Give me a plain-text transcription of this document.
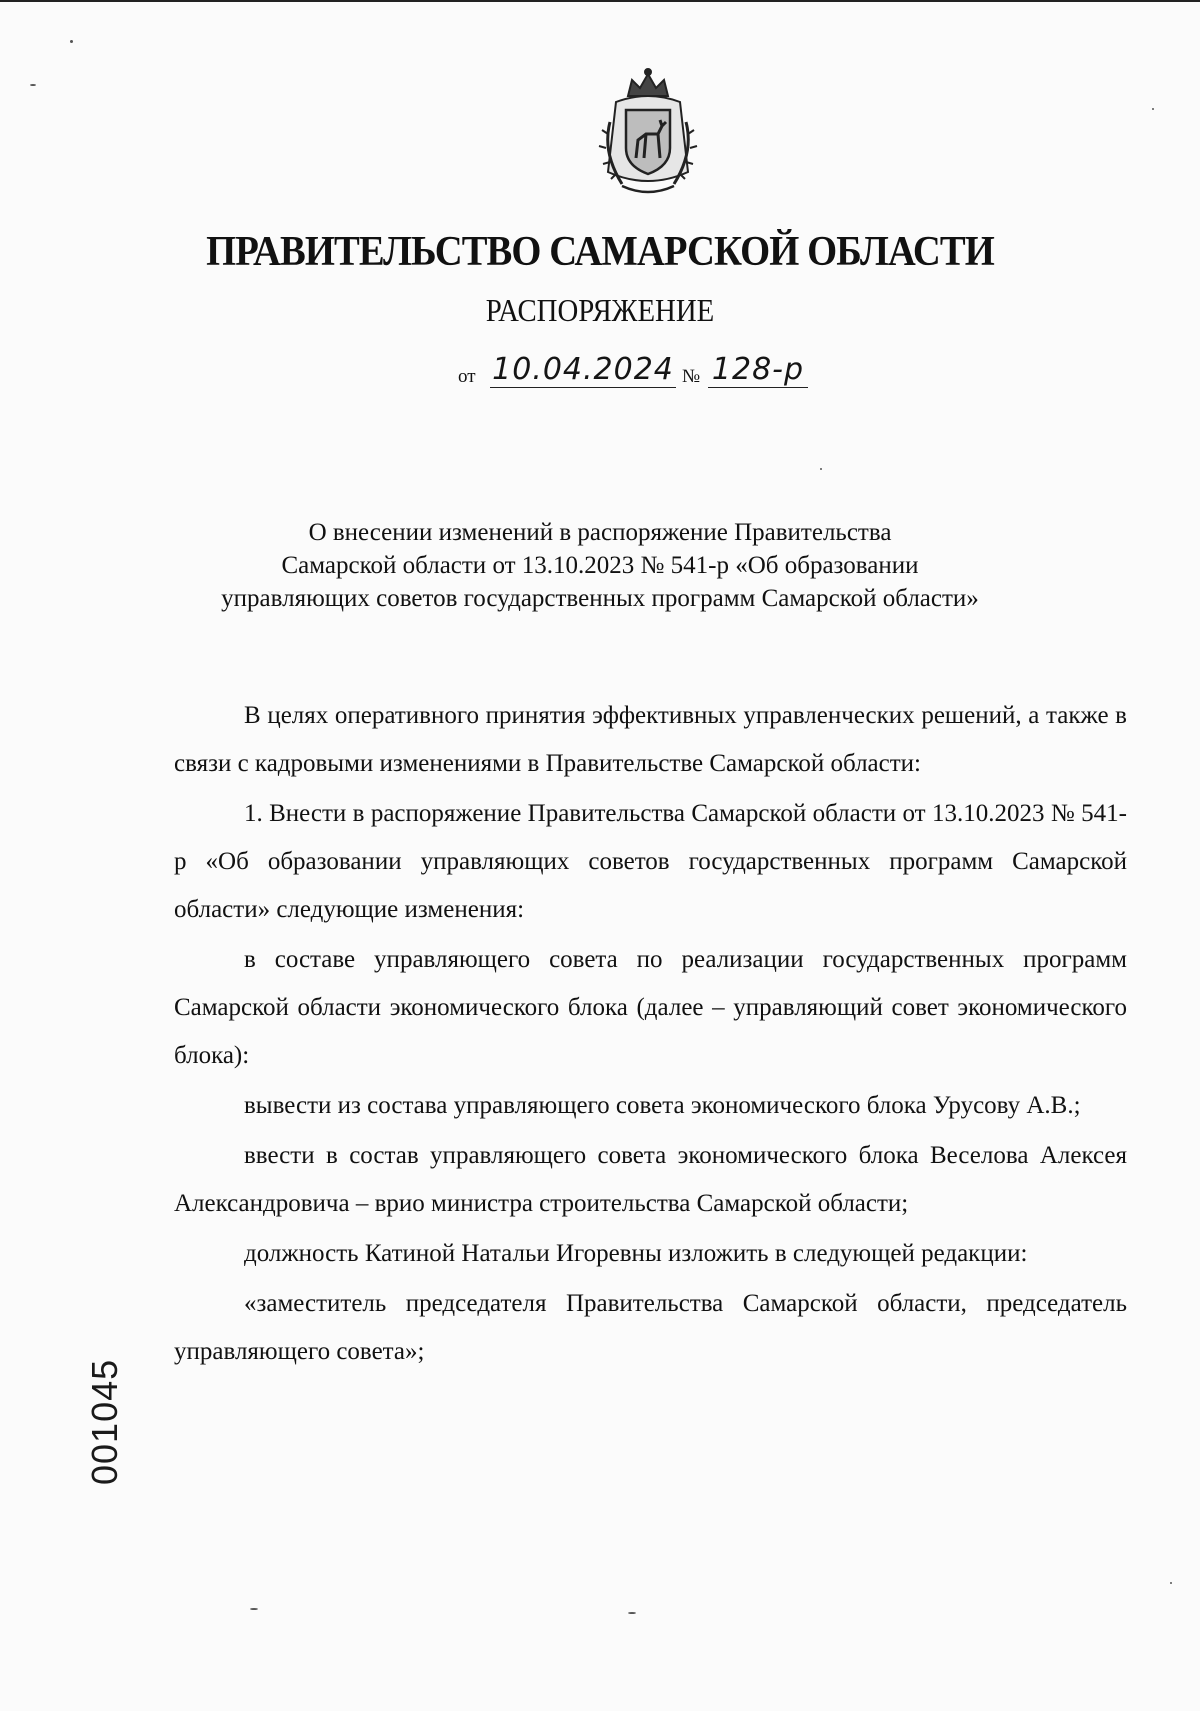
ПРАВИТЕЛЬСТВО САМАРСКОЙ ОБЛАСТИ
РАСПОРЯЖЕНИЕ
от 10.04.2024 № 128-р
О внесении изменений в распоряжение Правительства
Самарской области от 13.10.2023 № 541-р «Об образовании
управляющих советов государственных программ Самарской области»

В целях оперативного принятия эффективных управленческих решений, а также в связи с кадровыми изменениями в Правительстве Самарской области:

1. Внести в распоряжение Правительства Самарской области от 13.10.2023 № 541-р «Об образовании управляющих советов государственных программ Самарской области» следующие изменения:

в составе управляющего совета по реализации государственных программ Самарской области экономического блока (далее – управляющий совет экономического блока):

вывести из состава управляющего совета экономического блока Урусову А.В.;

ввести в состав управляющего совета экономического блока Веселова Алексея Александровича – врио министра строительства Самарской области;

должность Катиной Натальи Игоревны изложить в следующей редакции:

«заместитель председателя Правительства Самарской области, председатель управляющего совета»;

001045
